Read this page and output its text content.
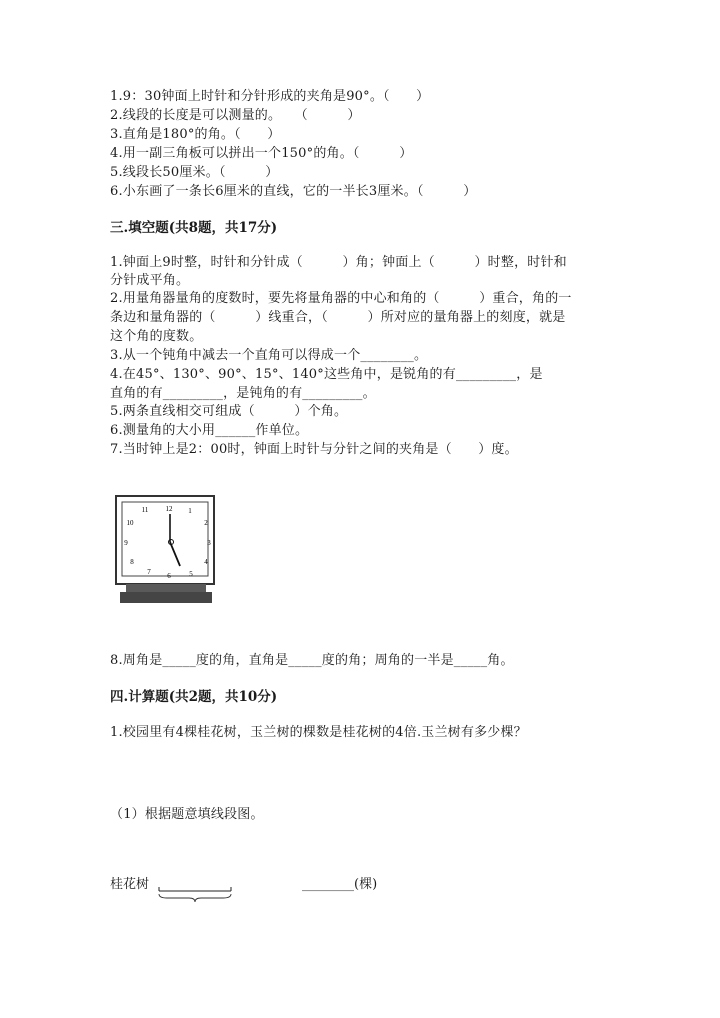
1.9：30钟面上时针和分针形成的夹角是90°。（　　）
2.线段的长度是可以测量的。　　（　　　）
3.直角是180°的角。（　　）
4.用一副三角板可以拼出一个150°的角。（　　　）
5.线段长50厘米。（　　　）
6.小东画了一条长6厘米的直线，它的一半长3厘米。（　　　）
三.填空题(共8题，共17分)
1.钟面上9时整，时针和分针成（　　　）角；钟面上（　　　）时整，时针和
分针成平角。
2.用量角器量角的度数时，要先将量角器的中心和角的（　　　）重合，角的一
条边和量角器的（　　　）线重合，（　　　）所对应的量角器上的刻度，就是
这个角的度数。
3.从一个钝角中减去一个直角可以得成一个________。
4.在45°、130°、90°、15°、140°这些角中，是锐角的有_________，是
直角的有_________，是钝角的有_________。
5.两条直线相交可组成（　　　）个角。
6.测量角的大小用______作单位。
7.当时钟上是2：00时，钟面上时针与分针之间的夹角是（　　）度。
12 1
2
3
4
5
6
7
8
9
10
11
8.周角是_____度的角，直角是_____度的角；周角的一半是_____角。
四.计算题(共2题，共10分)
1.校园里有4棵桂花树，玉兰树的棵数是桂花树的4倍.玉兰树有多少棵？
（1）根据题意填线段图。
桂花树	________(棵)
